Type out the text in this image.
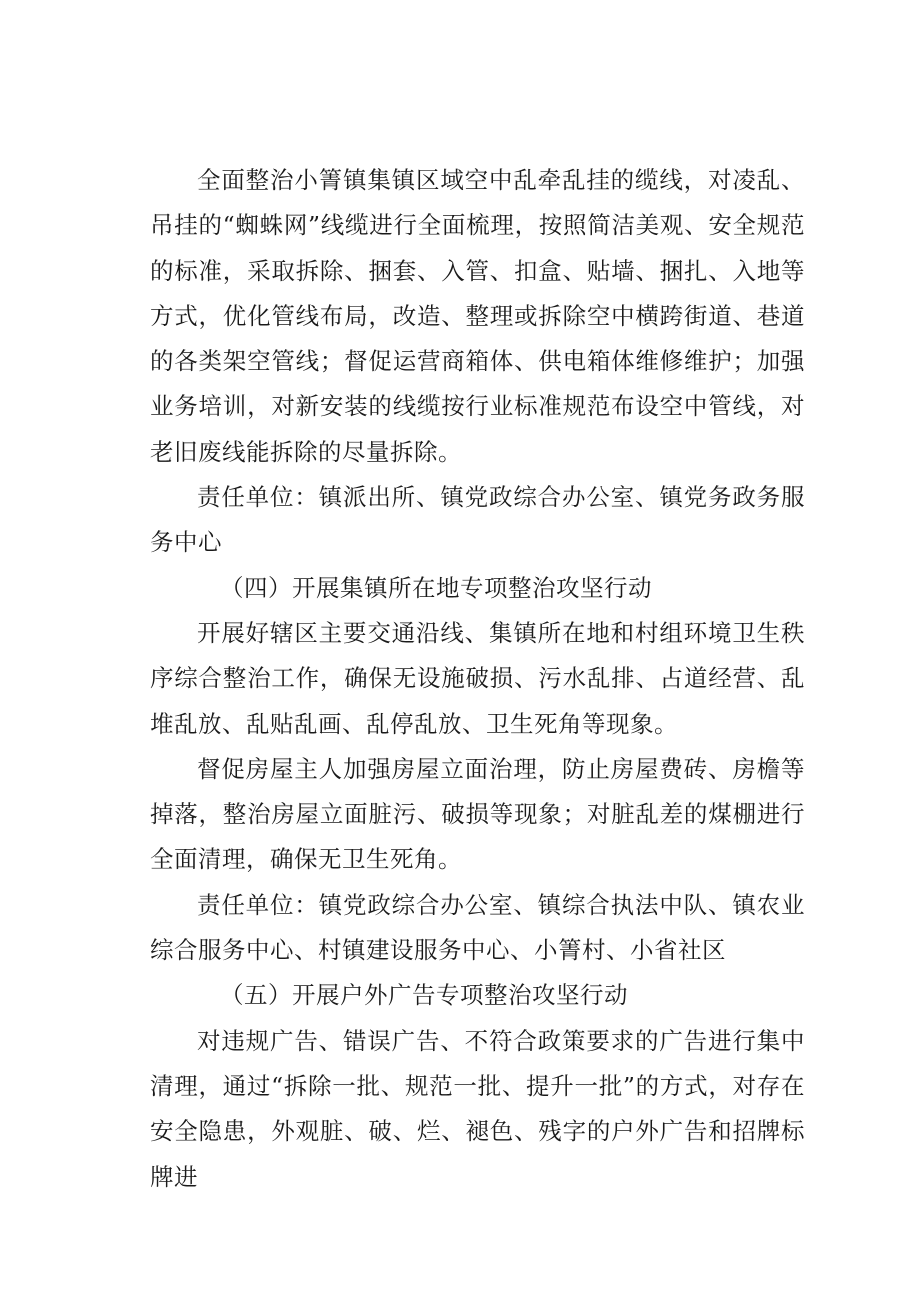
全面整治小箐镇集镇区域空中乱牵乱挂的缆线，对凌乱、吊挂的“蜘蛛网”线缆进行全面梳理，按照简洁美观、安全规范的标准，采取拆除、捆套、入管、扣盒、贴墙、捆扎、入地等方式，优化管线布局，改造、整理或拆除空中横跨街道、巷道的各类架空管线；督促运营商箱体、供电箱体维修维护；加强业务培训，对新安装的线缆按行业标准规范布设空中管线，对老旧废线能拆除的尽量拆除。

责任单位：镇派出所、镇党政综合办公室、镇党务政务服务中心

（四）开展集镇所在地专项整治攻坚行动

开展好辖区主要交通沿线、集镇所在地和村组环境卫生秩序综合整治工作，确保无设施破损、污水乱排、占道经营、乱堆乱放、乱贴乱画、乱停乱放、卫生死角等现象。

督促房屋主人加强房屋立面治理，防止房屋费砖、房檐等掉落，整治房屋立面脏污、破损等现象；对脏乱差的煤棚进行全面清理，确保无卫生死角。

责任单位：镇党政综合办公室、镇综合执法中队、镇农业综合服务中心、村镇建设服务中心、小箐村、小省社区

（五）开展户外广告专项整治攻坚行动

对违规广告、错误广告、不符合政策要求的广告进行集中清理，通过“拆除一批、规范一批、提升一批”的方式，对存在安全隐患，外观脏、破、烂、褪色、残字的户外广告和招牌标牌进
